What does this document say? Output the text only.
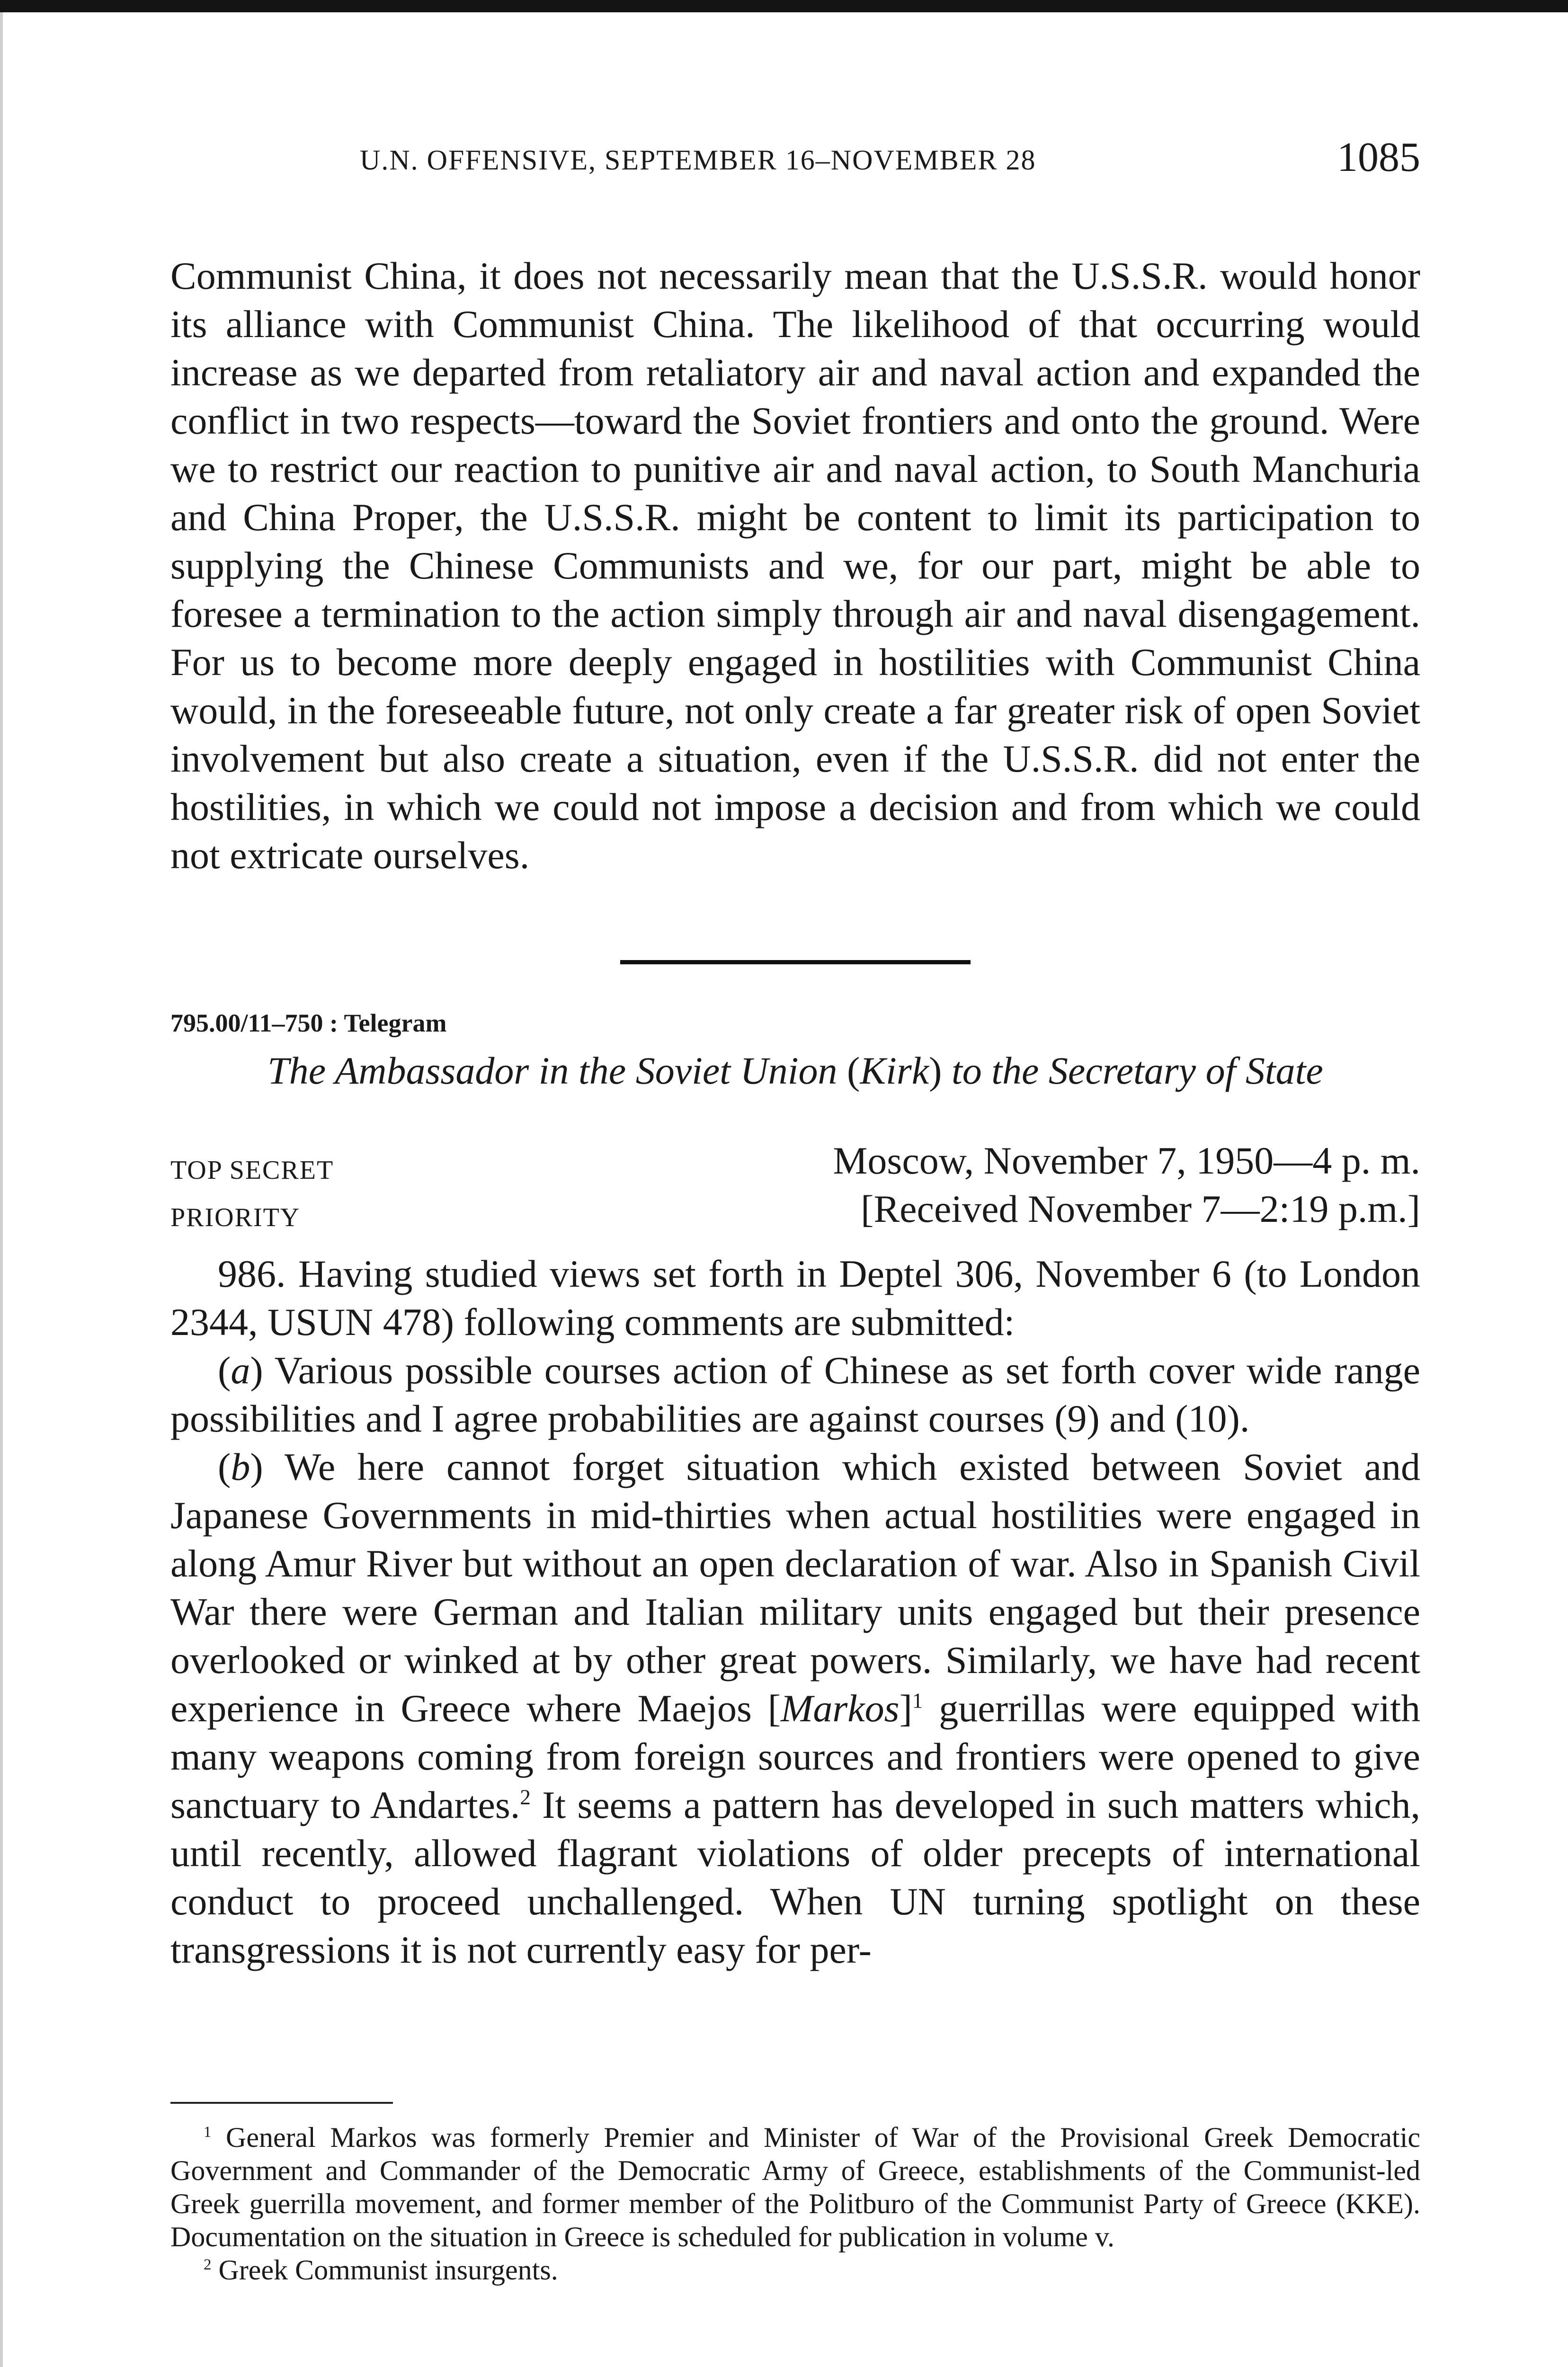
U.N. OFFENSIVE, SEPTEMBER 16–NOVEMBER 28	1085

Communist China, it does not necessarily mean that the U.S.S.R. would honor its alliance with Communist China. The likelihood of that occurring would increase as we departed from retaliatory air and naval action and expanded the conflict in two respects—toward the Soviet frontiers and onto the ground. Were we to restrict our reaction to punitive air and naval action, to South Manchuria and China Proper, the U.S.S.R. might be content to limit its participation to supplying the Chinese Communists and we, for our part, might be able to foresee a termination to the action simply through air and naval disengagement. For us to become more deeply engaged in hostilities with Communist China would, in the foreseeable future, not only create a far greater risk of open Soviet involvement but also create a situation, even if the U.S.S.R. did not enter the hostilities, in which we could not impose a decision and from which we could not extricate ourselves.

795.00/11–750 : Telegram
The Ambassador in the Soviet Union (Kirk) to the Secretary of State
TOP SECRET
PRIORITY
Moscow, November 7, 1950—4 p. m.
[Received November 7—2:19 p.m.]

986. Having studied views set forth in Deptel 306, November 6 (to London 2344, USUN 478) following comments are submitted:

(a) Various possible courses action of Chinese as set forth cover wide range possibilities and I agree probabilities are against courses (9) and (10).

(b) We here cannot forget situation which existed between Soviet and Japanese Governments in mid-thirties when actual hostilities were engaged in along Amur River but without an open declaration of war. Also in Spanish Civil War there were German and Italian military units engaged but their presence overlooked or winked at by other great powers. Similarly, we have had recent experience in Greece where Maejos [Markos]$^1$ guerrillas were equipped with many weapons coming from foreign sources and frontiers were opened to give sanctuary to Andartes.$^2$ It seems a pattern has developed in such matters which, until recently, allowed flagrant violations of older precepts of international conduct to proceed unchallenged. When UN turning spotlight on these transgressions it is not currently easy for per-

$^1$ General Markos was formerly Premier and Minister of War of the Provisional Greek Democratic Government and Commander of the Democratic Army of Greece, establishments of the Communist-led Greek guerrilla movement, and former member of the Politburo of the Communist Party of Greece (KKE). Documentation on the situation in Greece is scheduled for publication in volume v.

$^2$ Greek Communist insurgents.
